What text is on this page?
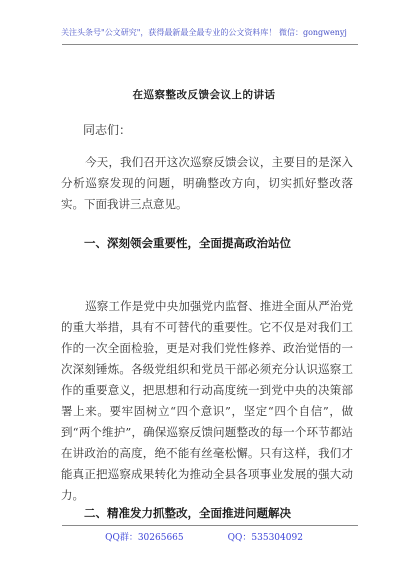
关注头条号"公文研究"，获得最新最全最专业的公文资料库！ 微信：gongwenyj
在巡察整改反馈会议上的讲话
同志们：

今天，我们召开这次巡察反馈会议，主要目的是深入分析巡察发现的问题，明确整改方向，切实抓好整改落实。下面我讲三点意见。

一、深刻领会重要性，全面提高政治站位

巡察工作是党中央加强党内监督、推进全面从严治党的重大举措，具有不可替代的重要性。它不仅是对我们工作的一次全面检验，更是对我们党性修养、政治觉悟的一次深刻锤炼。各级党组织和党员干部必须充分认识巡察工作的重要意义，把思想和行动高度统一到党中央的决策部署上来。要牢固树立“四个意识”，坚定“四个自信”，做到“两个维护”，确保巡察反馈问题整改的每一个环节都站在讲政治的高度，绝不能有丝毫松懈。只有这样，我们才能真正把巡察成果转化为推动全县各项事业发展的强大动力。

二、精准发力抓整改，全面推进问题解决
QQ群：30265665	QQ：535304092
